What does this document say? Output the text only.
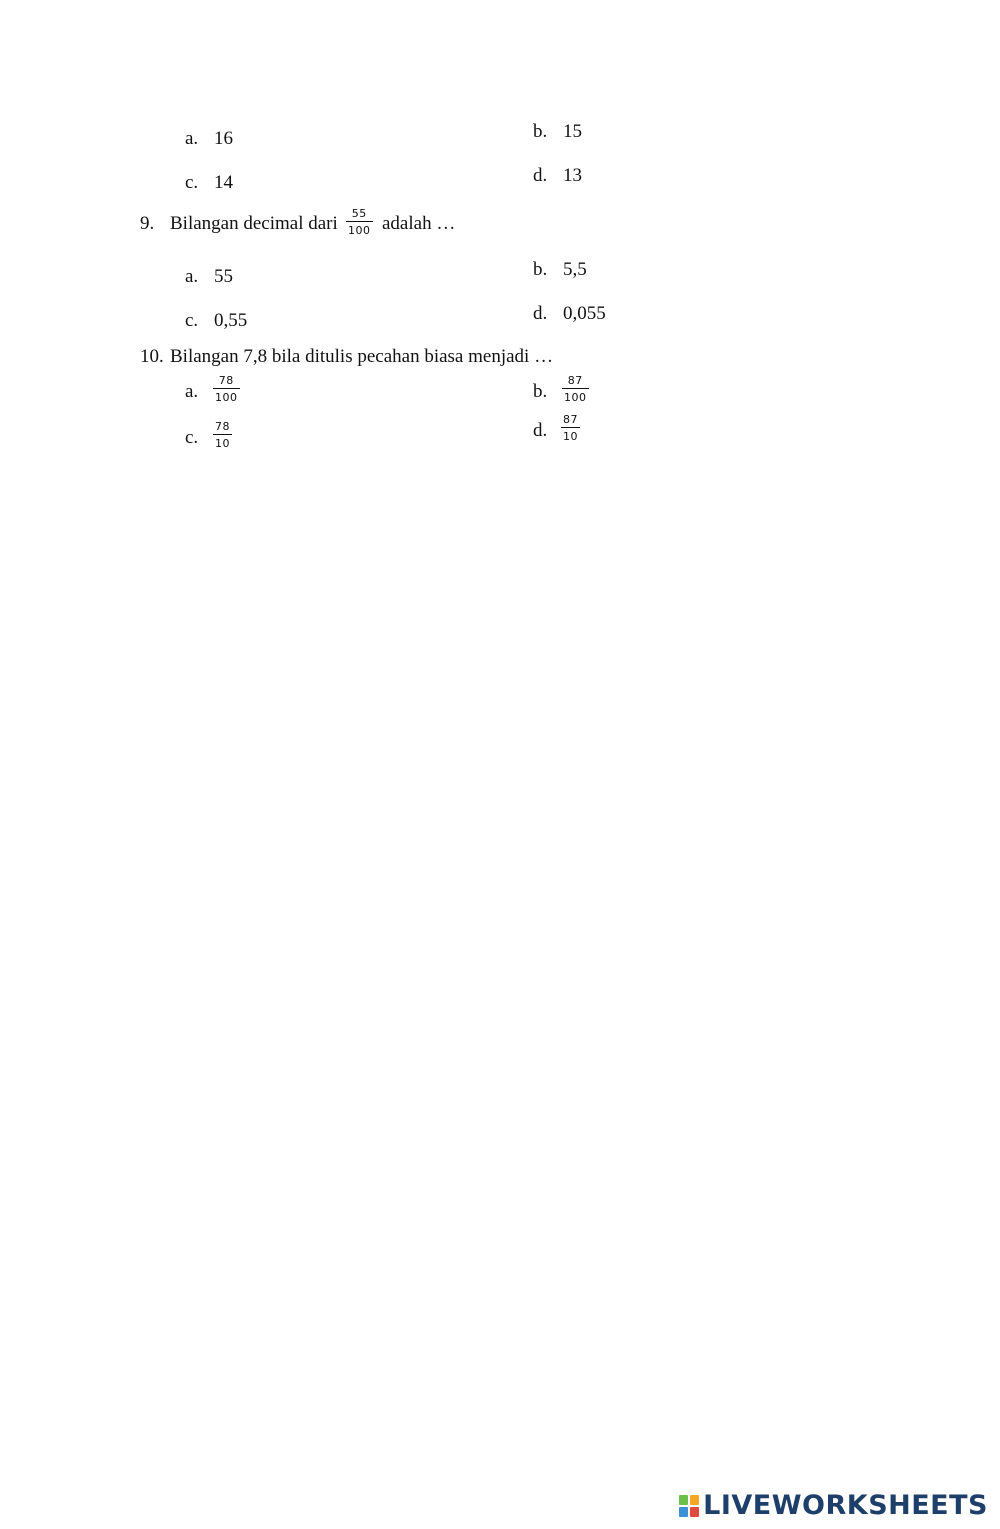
a. 16	b. 15
c. 14	d. 13
9. Bilangan decimal dari 55
100 adalah …
a. 55	b. 5,5
c. 0,55	d. 0,055
10. Bilangan 7,8 bila ditulis pecahan biasa menjadi …
a.
78
100	b.
87
100
c.
78
10
d.
87
10
LIVEWORKSHEETS
